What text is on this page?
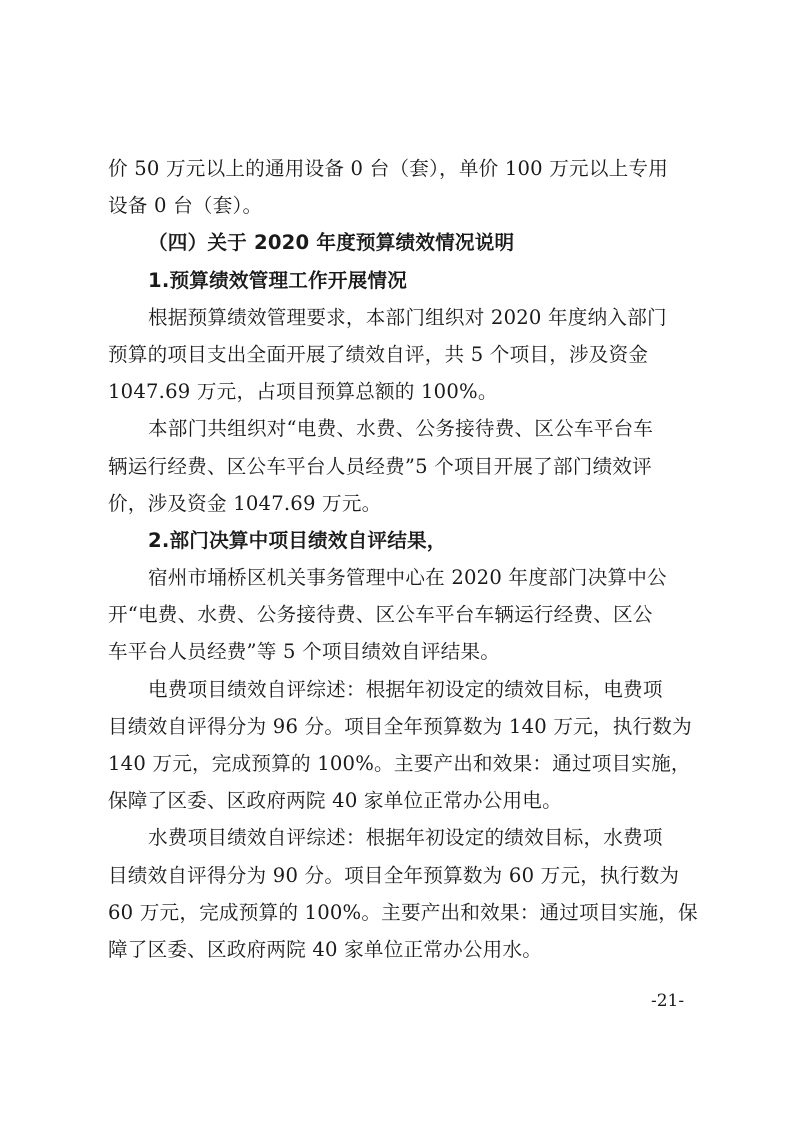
价 50 万元以上的通用设备 0 台（套），单价 100 万元以上专用
设备 0 台（套）。
（四）关于 2020 年度预算绩效情况说明
1.预算绩效管理工作开展情况
根据预算绩效管理要求，本部门组织对 2020 年度纳入部门
预算的项目支出全面开展了绩效自评，共 5 个项目，涉及资金
1047.69 万元，占项目预算总额的 100%。
本部门共组织对“电费、水费、公务接待费、区公车平台车
辆运行经费、区公车平台人员经费”5 个项目开展了部门绩效评
价，涉及资金 1047.69 万元。
2.部门决算中项目绩效自评结果，
宿州市埇桥区机关事务管理中心在 2020 年度部门决算中公
开“电费、水费、公务接待费、区公车平台车辆运行经费、区公
车平台人员经费”等 5 个项目绩效自评结果。
电费项目绩效自评综述：根据年初设定的绩效目标，电费项
目绩效自评得分为 96 分。项目全年预算数为 140 万元，执行数为
140 万元，完成预算的 100%。主要产出和效果：通过项目实施，
保障了区委、区政府两院 40 家单位正常办公用电。
水费项目绩效自评综述：根据年初设定的绩效目标，水费项
目绩效自评得分为 90 分。项目全年预算数为 60 万元，执行数为
60 万元，完成预算的 100%。主要产出和效果：通过项目实施，保
障了区委、区政府两院 40 家单位正常办公用水。
-21-
